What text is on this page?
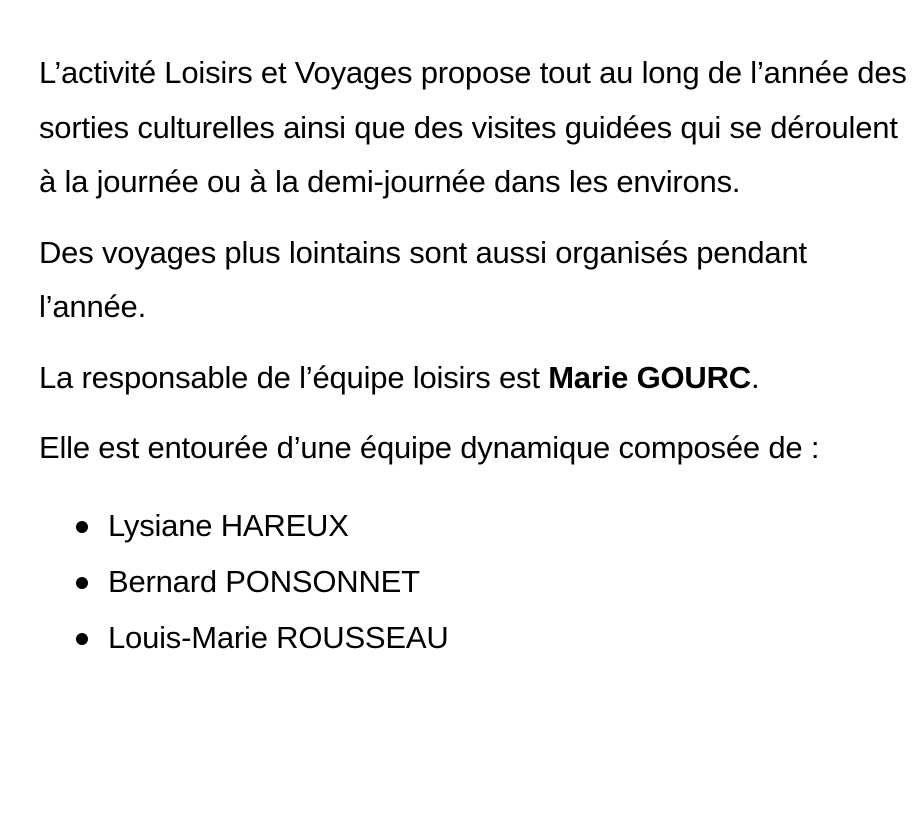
L’activité Loisirs et Voyages propose tout au long de l’année des sorties culturelles ainsi que des visites guidées qui se déroulent à la journée ou à la demi-journée dans les environs.

Des voyages plus lointains sont aussi organisés pendant l’année.

La responsable de l’équipe loisirs est Marie GOURC.

Elle est entourée d’une équipe dynamique composée de :

Lysiane HAREUX
Bernard PONSONNET
Louis-Marie ROUSSEAU
